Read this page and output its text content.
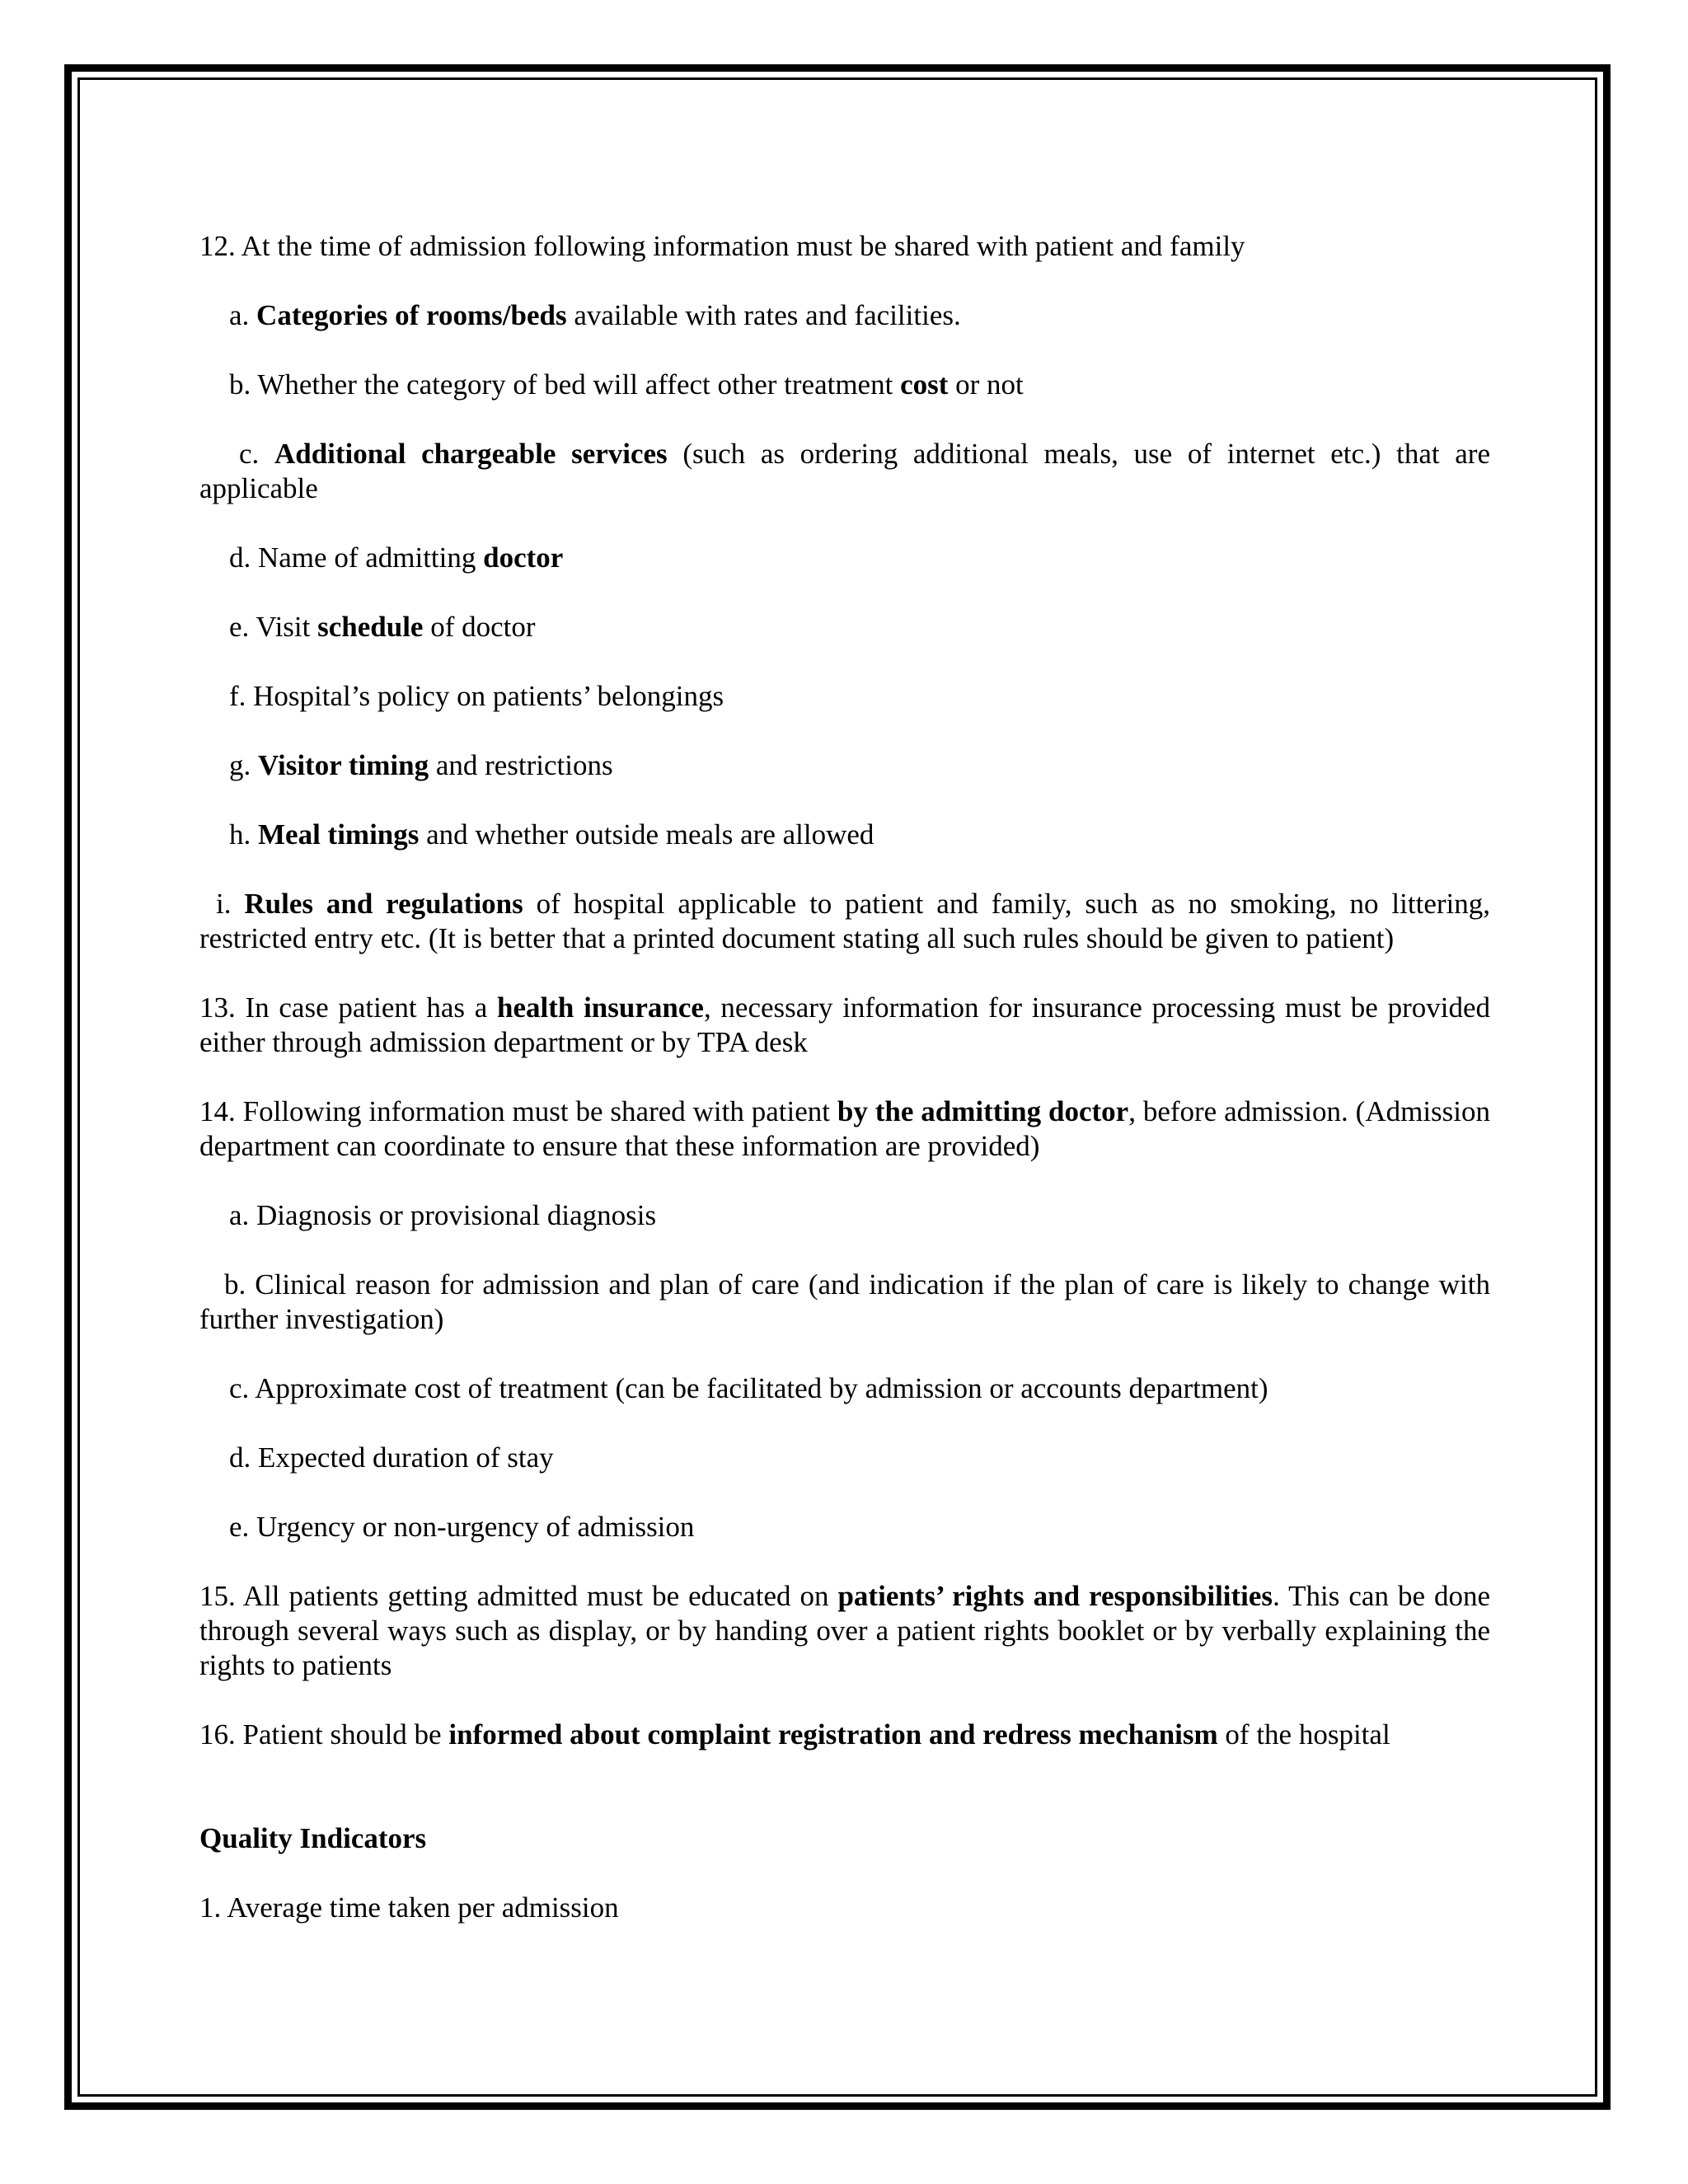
12. At the time of admission following information must be shared with patient and family

a. Categories of rooms/beds available with rates and facilities.

b. Whether the category of bed will affect other treatment cost or not

c. Additional chargeable services (such as ordering additional meals, use of internet etc.) that are applicable

d. Name of admitting doctor

e. Visit schedule of doctor

f. Hospital’s policy on patients’ belongings

g. Visitor timing and restrictions

h. Meal timings and whether outside meals are allowed

i. Rules and regulations of hospital applicable to patient and family, such as no smoking, no littering, restricted entry etc. (It is better that a printed document stating all such rules should be given to patient)

13. In case patient has a health insurance, necessary information for insurance processing must be provided either through admission department or by TPA desk

14. Following information must be shared with patient by the admitting doctor, before admission. (Admission department can coordinate to ensure that these information are provided)

a. Diagnosis or provisional diagnosis

b. Clinical reason for admission and plan of care (and indication if the plan of care is likely to change with further investigation)

c. Approximate cost of treatment (can be facilitated by admission or accounts department)

d. Expected duration of stay

e. Urgency or non-urgency of admission

15. All patients getting admitted must be educated on patients’ rights and responsibilities. This can be done through several ways such as display, or by handing over a patient rights booklet or by verbally explaining the rights to patients

16. Patient should be informed about complaint registration and redress mechanism of the hospital

Quality Indicators

1. Average time taken per admission
